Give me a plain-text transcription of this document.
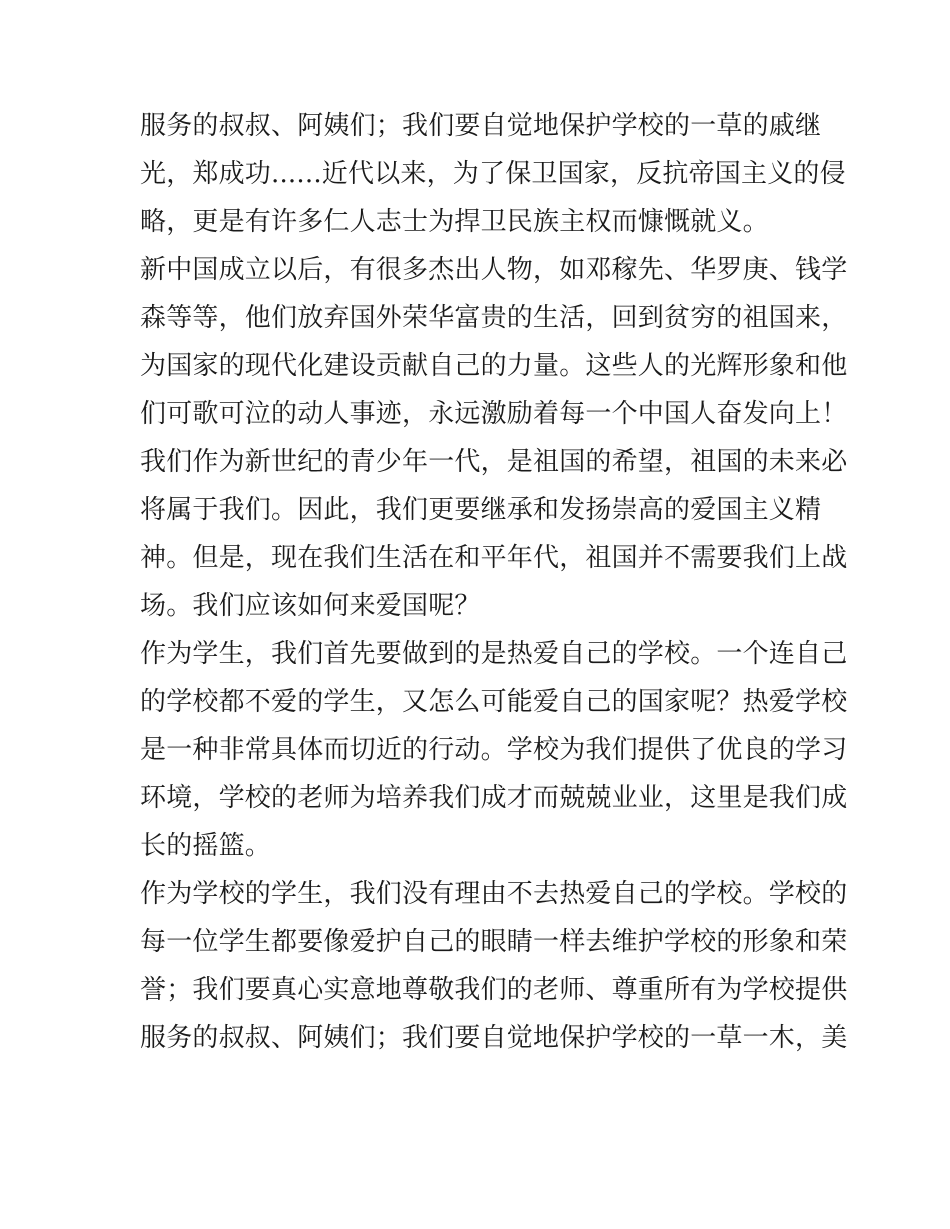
服务的叔叔、阿姨们；我们要自觉地保护学校的一草的戚继
光，郑成功......近代以来，为了保卫国家，反抗帝国主义的侵
略，更是有许多仁人志士为捍卫民族主权而慷慨就义。
新中国成立以后，有很多杰出人物，如邓稼先、华罗庚、钱学
森等等，他们放弃国外荣华富贵的生活，回到贫穷的祖国来，
为国家的现代化建设贡献自己的力量。这些人的光辉形象和他
们可歌可泣的动人事迹，永远激励着每一个中国人奋发向上！
我们作为新世纪的青少年一代，是祖国的希望，祖国的未来必
将属于我们。因此，我们更要继承和发扬崇高的爱国主义精
神。但是，现在我们生活在和平年代，祖国并不需要我们上战
场。我们应该如何来爱国呢？
作为学生，我们首先要做到的是热爱自己的学校。一个连自己
的学校都不爱的学生，又怎么可能爱自己的国家呢？热爱学校
是一种非常具体而切近的行动。学校为我们提供了优良的学习
环境，学校的老师为培养我们成才而兢兢业业，这里是我们成
长的摇篮。
作为学校的学生，我们没有理由不去热爱自己的学校。学校的
每一位学生都要像爱护自己的眼睛一样去维护学校的形象和荣
誉；我们要真心实意地尊敬我们的老师、尊重所有为学校提供
服务的叔叔、阿姨们；我们要自觉地保护学校的一草一木，美
